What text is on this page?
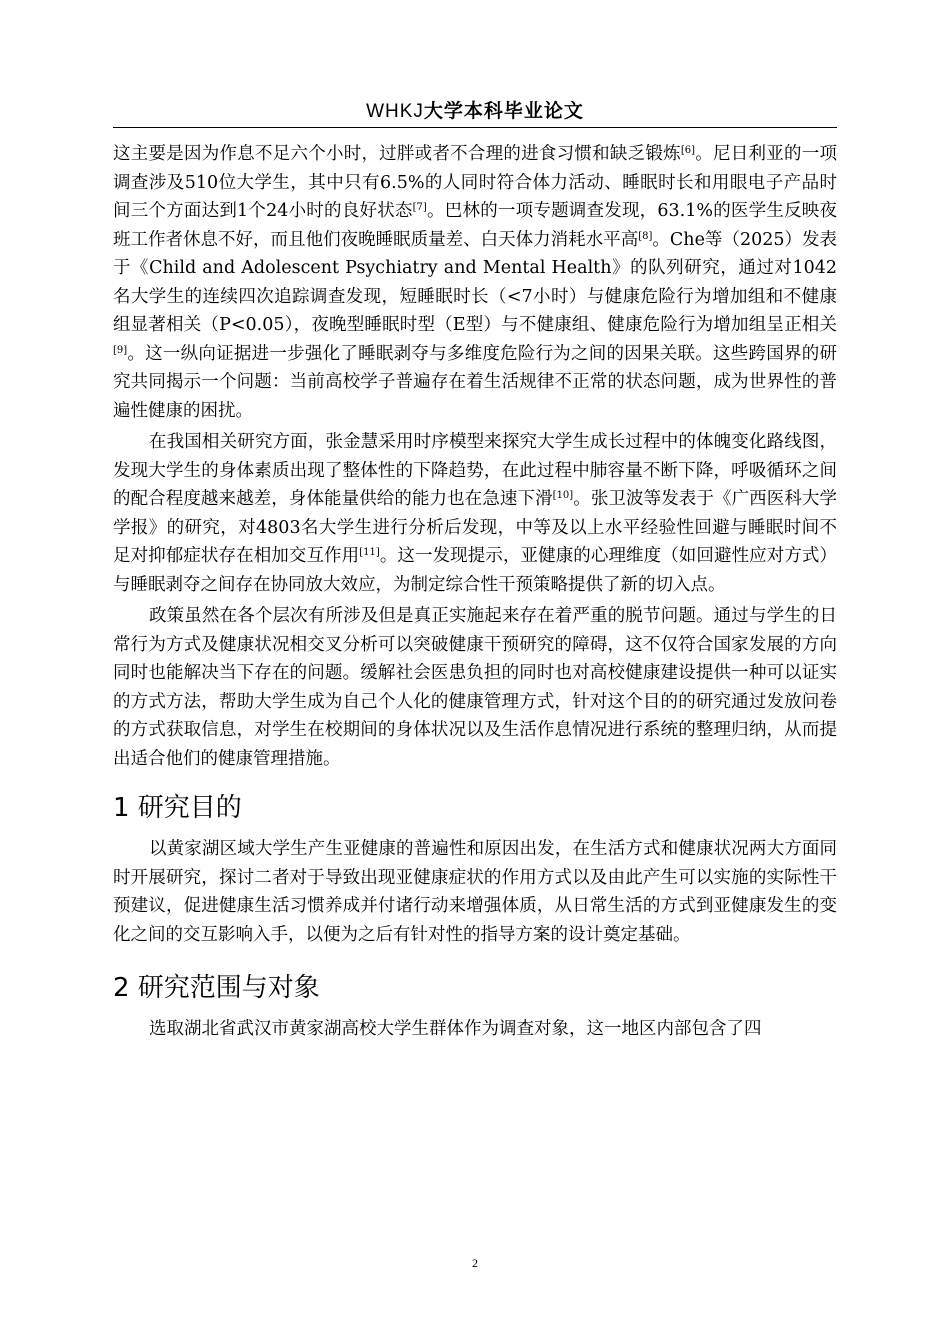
WHKJ大学本科毕业论文

这主要是因为作息不足六个小时，过胖或者不合理的进食习惯和缺乏锻炼[6]。尼日利亚的一项调查涉及510位大学生，其中只有6.5%的人同时符合体力活动、睡眠时长和用眼电子产品时间三个方面达到1个24小时的良好状态[7]。巴林的一项专题调查发现，63.1%的医学生反映夜班工作者休息不好，而且他们夜晚睡眠质量差、白天体力消耗水平高[8]。Che等（2025）发表于《Child and Adolescent Psychiatry and Mental Health》的队列研究，通过对1042名大学生的连续四次追踪调查发现，短睡眠时长（<7小时）与健康危险行为增加组和不健康组显著相关（P<0.05），夜晚型睡眠时型（E型）与不健康组、健康危险行为增加组呈正相关[9]。这一纵向证据进一步强化了睡眠剥夺与多维度危险行为之间的因果关联。这些跨国界的研究共同揭示一个问题：当前高校学子普遍存在着生活规律不正常的状态问题，成为世界性的普遍性健康的困扰。

在我国相关研究方面，张金慧采用时序模型来探究大学生成长过程中的体魄变化路线图，发现大学生的身体素质出现了整体性的下降趋势，在此过程中肺容量不断下降，呼吸循环之间的配合程度越来越差，身体能量供给的能力也在急速下滑[10]。张卫波等发表于《广西医科大学学报》的研究，对4803名大学生进行分析后发现，中等及以上水平经验性回避与睡眠时间不足对抑郁症状存在相加交互作用[11]。这一发现提示，亚健康的心理维度（如回避性应对方式）与睡眠剥夺之间存在协同放大效应，为制定综合性干预策略提供了新的切入点。

政策虽然在各个层次有所涉及但是真正实施起来存在着严重的脱节问题。通过与学生的日常行为方式及健康状况相交叉分析可以突破健康干预研究的障碍，这不仅符合国家发展的方向同时也能解决当下存在的问题。缓解社会医患负担的同时也对高校健康建设提供一种可以证实的方式方法，帮助大学生成为自己个人化的健康管理方式，针对这个目的的研究通过发放问卷的方式获取信息，对学生在校期间的身体状况以及生活作息情况进行系统的整理归纳，从而提出适合他们的健康管理措施。

1 研究目的

以黄家湖区域大学生产生亚健康的普遍性和原因出发，在生活方式和健康状况两大方面同时开展研究，探讨二者对于导致出现亚健康症状的作用方式以及由此产生可以实施的实际性干预建议，促进健康生活习惯养成并付诸行动来增强体质，从日常生活的方式到亚健康发生的变化之间的交互影响入手，以便为之后有针对性的指导方案的设计奠定基础。

2 研究范围与对象

选取湖北省武汉市黄家湖高校大学生群体作为调查对象，这一地区内部包含了四

2
